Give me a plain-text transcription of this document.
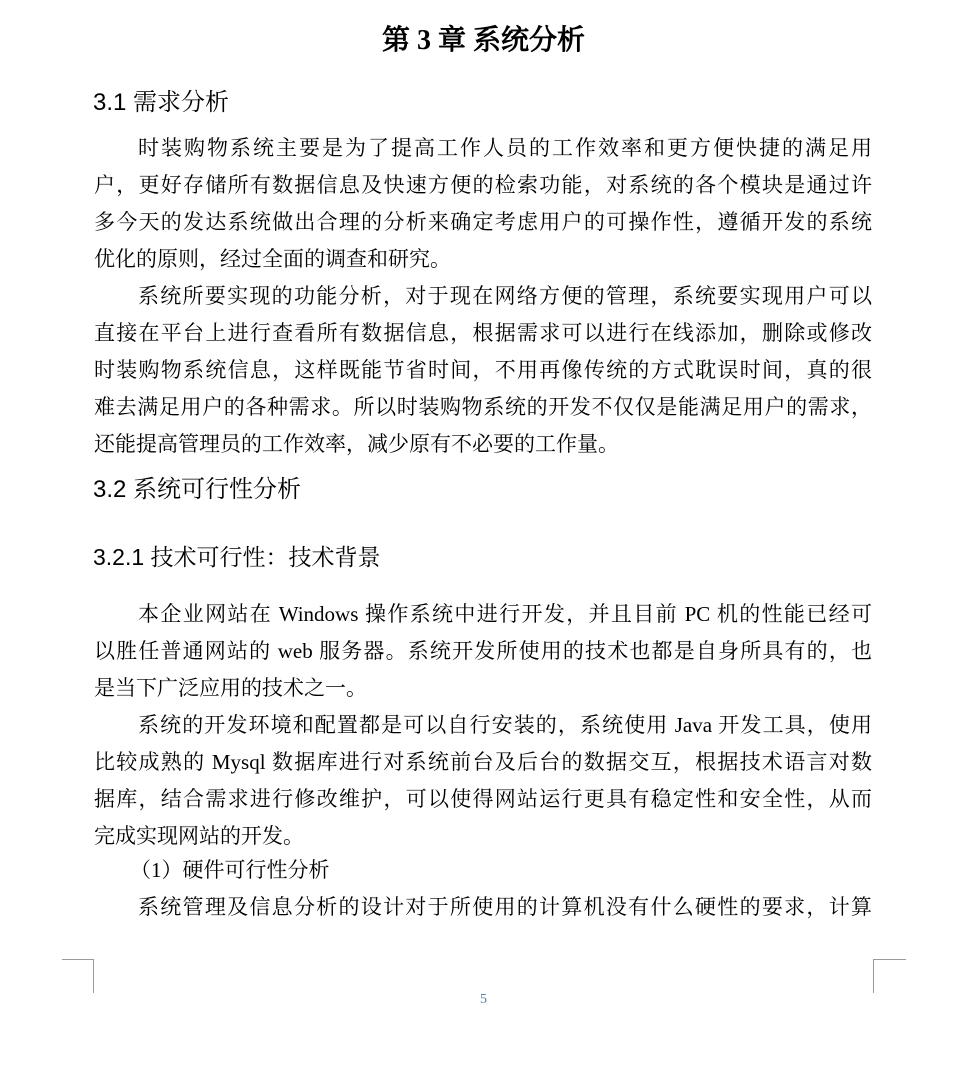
第 3 章 系统分析
3.1 需求分析
时装购物系统主要是为了提高工作人员的工作效率和更方便快捷的满足用
户，更好存储所有数据信息及快速方便的检索功能，对系统的各个模块是通过许
多今天的发达系统做出合理的分析来确定考虑用户的可操作性，遵循开发的系统
优化的原则，经过全面的调查和研究。
系统所要实现的功能分析，对于现在网络方便的管理，系统要实现用户可以
直接在平台上进行查看所有数据信息，根据需求可以进行在线添加，删除或修改
时装购物系统信息，这样既能节省时间，不用再像传统的方式耽误时间，真的很
难去满足用户的各种需求。所以时装购物系统的开发不仅仅是能满足用户的需求，
还能提高管理员的工作效率，减少原有不必要的工作量。
3.2 系统可行性分析
3.2.1 技术可行性：技术背景
本企业网站在 Windows 操作系统中进行开发，并且目前 PC 机的性能已经可
以胜任普通网站的 web 服务器。系统开发所使用的技术也都是自身所具有的，也
是当下广泛应用的技术之一。
系统的开发环境和配置都是可以自行安装的，系统使用 Java 开发工具，使用
比较成熟的 Mysql 数据库进行对系统前台及后台的数据交互，根据技术语言对数
据库，结合需求进行修改维护，可以使得网站运行更具有稳定性和安全性，从而
完成实现网站的开发。
（1）硬件可行性分析
系统管理及信息分析的设计对于所使用的计算机没有什么硬性的要求，计算
5
